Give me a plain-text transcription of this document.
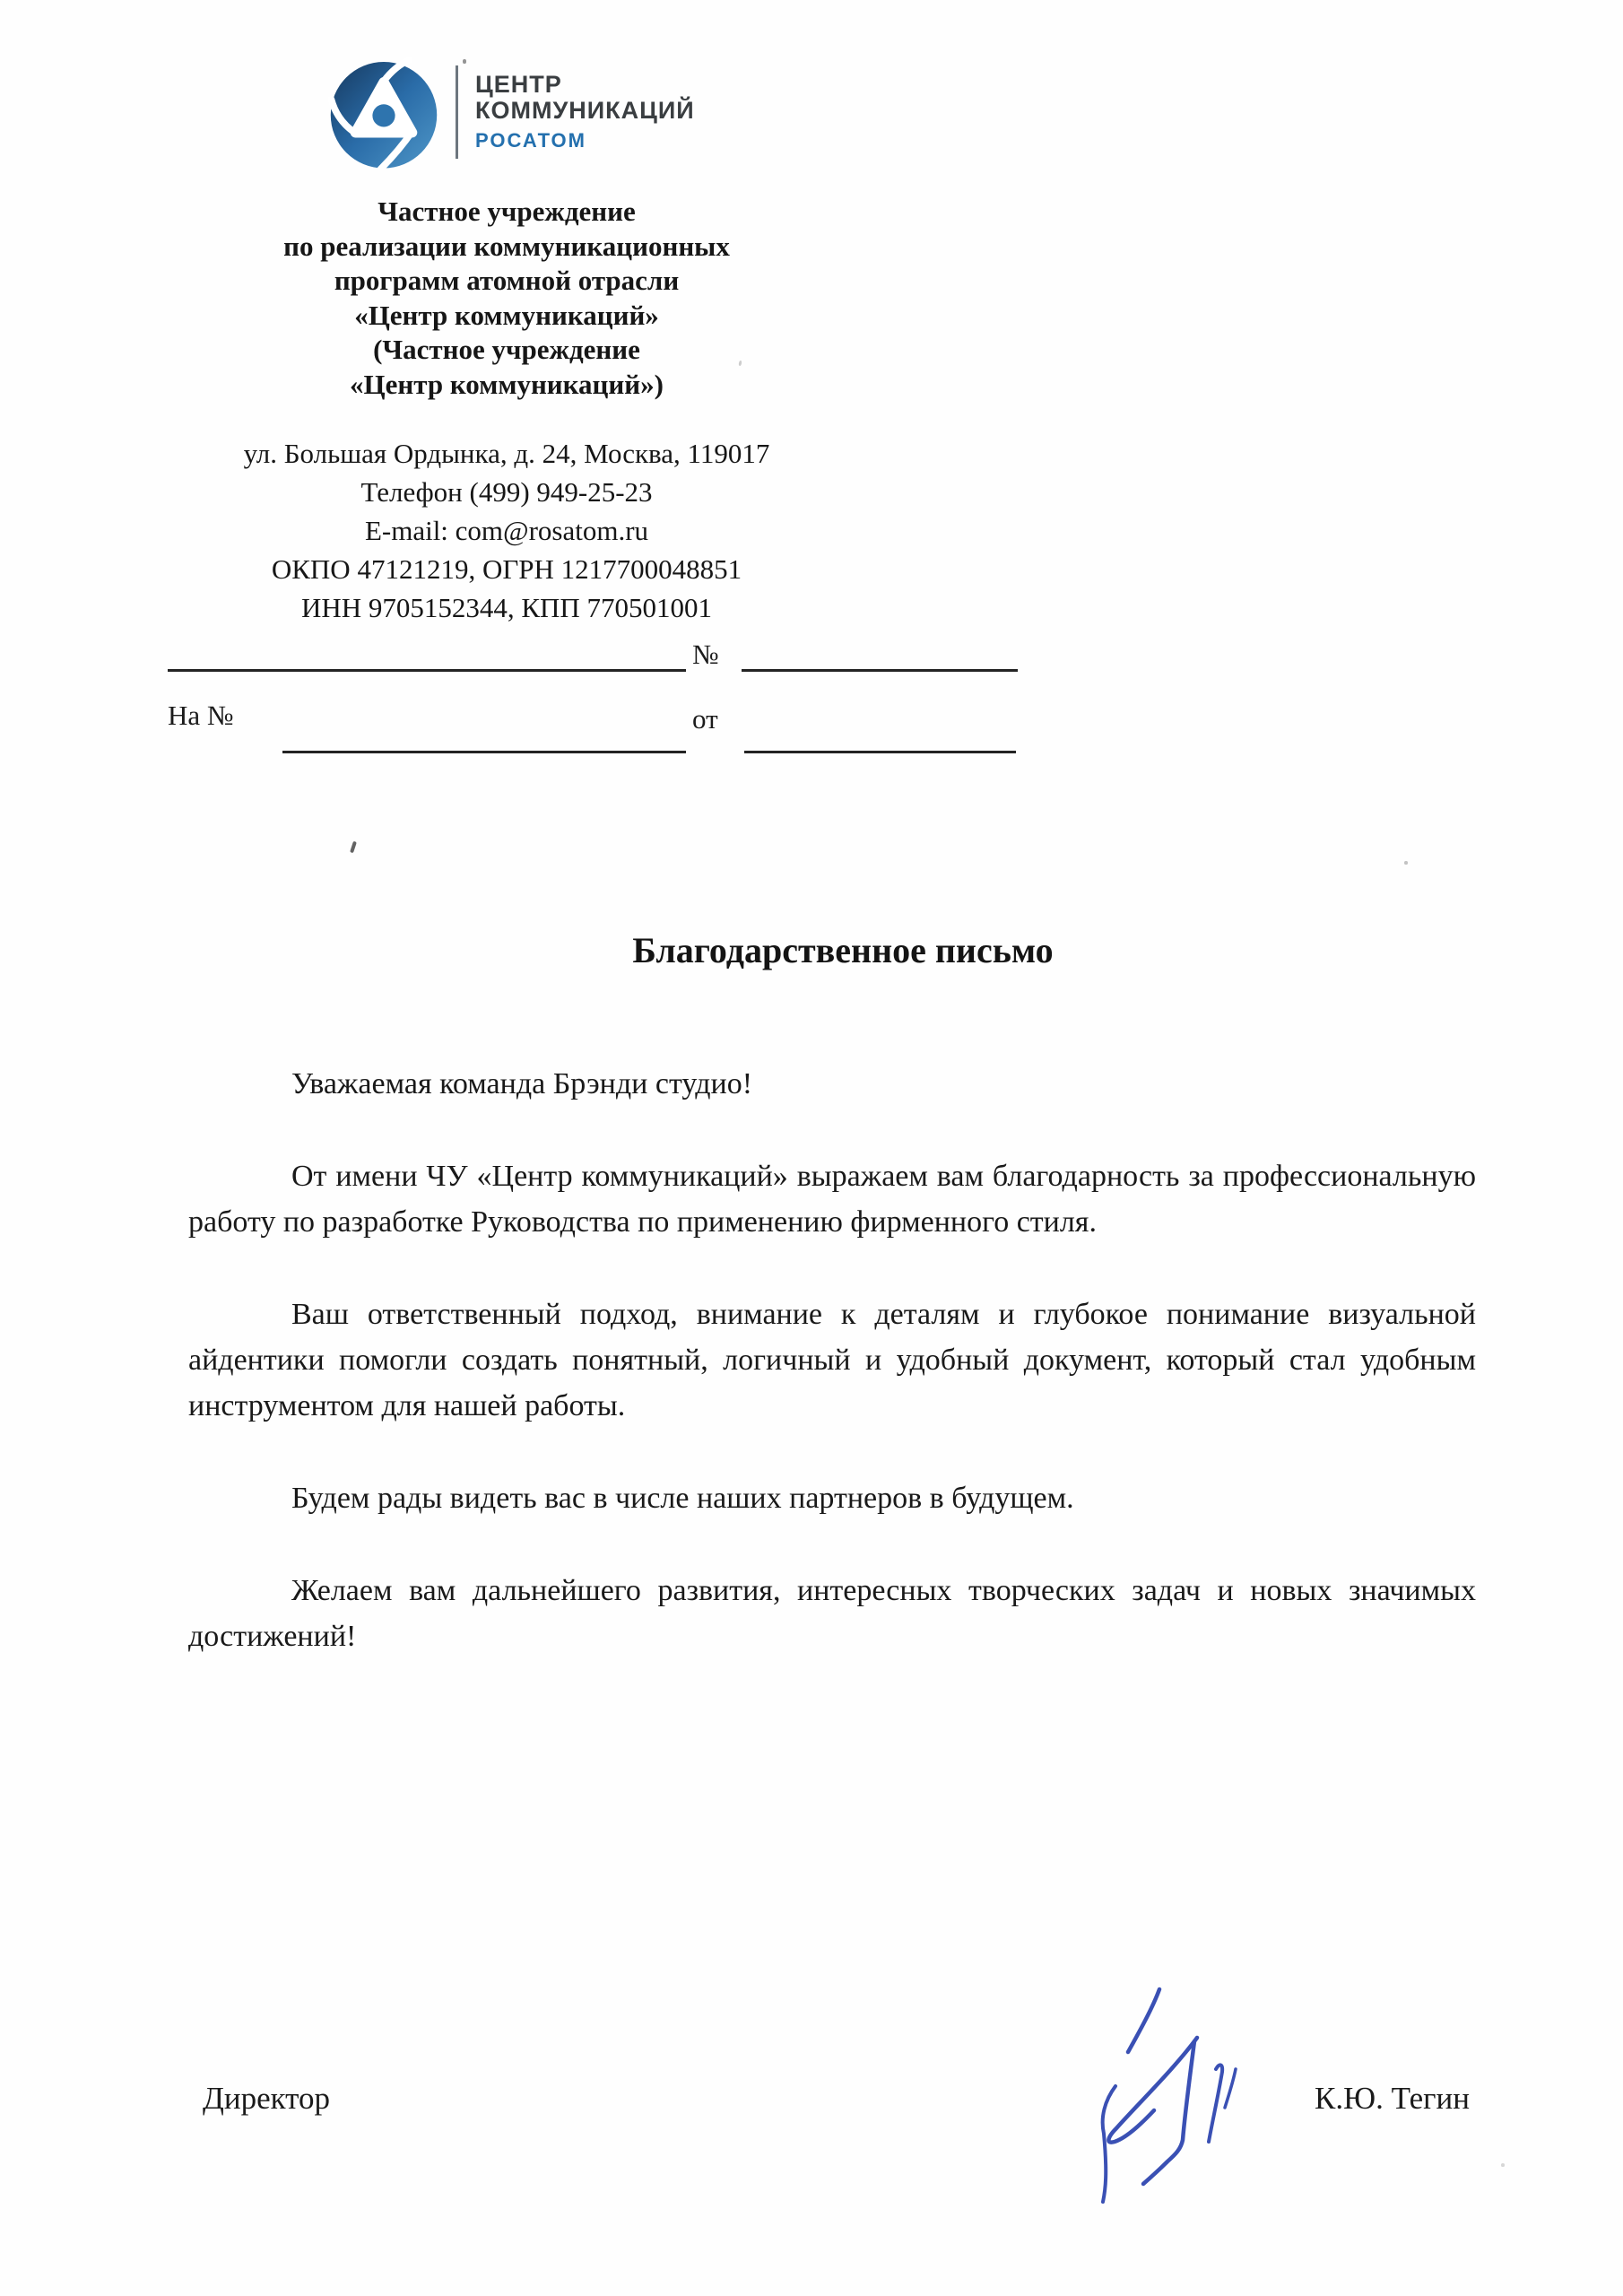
ЦЕНТР
КОММУНИКАЦИЙ
РОСАТОМ
Частное учреждение
по реализации коммуникационных
программ атомной отрасли
«Центр коммуникаций»
(Частное учреждение
«Центр коммуникаций»)
ул. Большая Ордынка, д. 24, Москва, 119017
Телефон (499) 949-25-23
E-mail: com@rosatom.ru
ОКПО 47121219, ОГРН 1217700048851
ИНН 9705152344, КПП 770501001
№
На №	от
Благодарственное письмо

Уважаемая команда Брэнди студио!

От имени ЧУ «Центр коммуникаций» выражаем вам благодарность за профессиональную работу по разработке Руководства по применению фирменного стиля.

Ваш ответственный подход, внимание к деталям и глубокое понимание визуальной айдентики помогли создать понятный, логичный и удобный документ, который стал удобным инструментом для нашей работы.

Будем рады видеть вас в числе наших партнеров в будущем.

Желаем вам дальнейшего развития, интересных творческих задач и новых значимых достижений!

Директор	К.Ю. Тегин
